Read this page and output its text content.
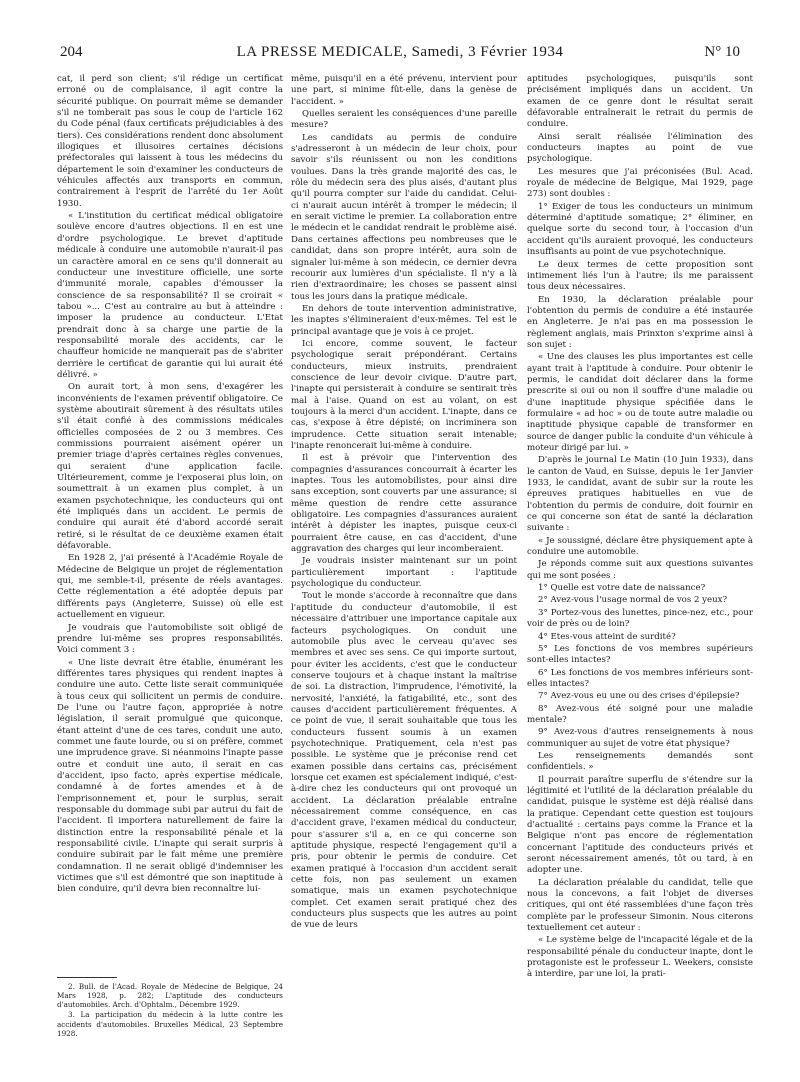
204	LA PRESSE MEDICALE, Samedi, 3 Février 1934	N° 10

cat, il perd son client; s'il rédige un certificat erroné ou de complaisance, il agit contre la sécurité publique. On pourrait même se demander s'il ne tomberait pas sous le coup de l'article 162 du Code pénal (faux certificats préjudiciables à des tiers). Ces considérations rendent donc absolument illogiques et illusoires certaines décisions préfectorales qui laissent à tous les médecins du département le soin d'examiner les conducteurs de véhicules affectés aux transports en commun, contrairement à l'esprit de l'arrêté du 1er Août 1930.

« L'institution du certificat médical obligatoire soulève encore d'autres objections. Il en est une d'ordre psychologique. Le brevet d'aptitude médicale à conduire une automobile n'aurait-il pas un caractère amoral en ce sens qu'il donnerait au conducteur une investiture officielle, une sorte d'immunité morale, capables d'émousser la conscience de sa responsabilité? Il se croirait « tabou »... C'est au contraire au but à atteindre : imposer la prudence au conducteur. L'Etat prendrait donc à sa charge une partie de la responsabilité morale des accidents, car le chauffeur homicide ne manquerait pas de s'abriter derrière le certificat de garantie qui lui aurait été délivré. »

On aurait tort, à mon sens, d'exagérer les inconvénients de l'examen préventif obligatoire. Ce système aboutirait sûrement à des résultats utiles s'il était confié à des commissions médicales officielles composées de 2 ou 3 membres. Ces commissions pourraient aisément opérer un premier triage d'après certaines règles convenues, qui seraient d'une application facile. Ultérieurement, comme je l'exposerai plus loin, on soumettrait à un examen plus complet, à un examen psychotechnique, les conducteurs qui ont été impliqués dans un accident. Le permis de conduire qui aurait été d'abord accordé serait retiré, si le résultat de ce deuxième examen était défavorable.

En 1928 2, j'ai présenté à l'Académie Royale de Médecine de Belgique un projet de réglementation qui, me semble-t-il, présente de réels avantages. Cette réglementation a été adoptée depuis par différents pays (Angleterre, Suisse) où elle est actuellement en vigueur.

Je voudrais que l'automobiliste soit obligé de prendre lui-même ses propres responsabilités. Voici comment 3 :

« Une liste devrait être établie, énumérant les différentes tares physiques qui rendent inaptes à conduire une auto. Cette liste serait communiquée à tous ceux qui sollicitent un permis de conduire. De l'une ou l'autre façon, appropriée à notre législation, il serait promulgué que quiconque, étant atteint d'une de ces tares, conduit une auto, commet une faute lourde, ou si on préfère, commet une imprudence grave. Si néanmoins l'inapte passe outre et conduit une auto, il serait en cas d'accident, ipso facto, après expertise médicale, condamné à de fortes amendes et à de l'emprisonnement et, pour le surplus, serait responsable du dommage subi par autrui du fait de l'accident. Il importera naturellement de faire la distinction entre la responsabilité pénale et la responsabilité civile. L'inapte qui serait surpris à conduire subirait par le fait même une première condamnation. Il ne serait obligé d'indemniser les victimes que s'il est démontré que son inaptitude à bien conduire, qu'il devra bien reconnaître lui-

2. Bull. de l'Acad. Royale de Médecine de Belgique, 24 Mars 1928, p. 282; L'aptitude des conducteurs d'automobiles. Arch. d'Ophtalm., Décembre 1929.

3. La participation du médecin à la lutte contre les accidents d'automobiles. Bruxelles Médical, 23 Septembre 1928.

même, puisqu'il en a été prévenu, intervient pour une part, si minime fût-elle, dans la genèse de l'accident. »

Quelles seraient les conséquences d'une pareille mesure?

Les candidats au permis de conduire s'adresseront à un médecin de leur choix, pour savoir s'ils réunissent ou non les conditions voulues. Dans la très grande majorité des cas, le rôle du médecin sera des plus aisés, d'autant plus qu'il pourra compter sur l'aide du candidat. Celui-ci n'aurait aucun intérêt à tromper le médecin; il en serait victime le premier. La collaboration entre le médecin et le candidat rendrait le problème aisé. Dans certaines affections peu nombreuses que le candidat, dans son propre intérêt, aura soin de signaler lui-même à son médecin, ce dernier devra recourir aux lumières d'un spécialiste. Il n'y a là rien d'extraordinaire; les choses se passent ainsi tous les jours dans la pratique médicale.

En dehors de toute intervention administrative, les inaptes s'élimineraient d'eux-mêmes. Tel est le principal avantage que je vois à ce projet.

Ici encore, comme souvent, le facteur psychologique serait prépondérant. Certains conducteurs, mieux instruits, prendraient conscience de leur devoir civique. D'autre part, l'inapte qui persisterait à conduire se sentirait très mal à l'aise. Quand on est au volant, on est toujours à la merci d'un accident. L'inapte, dans ce cas, s'expose à être dépisté; on incriminera son imprudence. Cette situation serait intenable; l'inapte renoncerait lui-même à conduire.

Il est à prévoir que l'intervention des compagnies d'assurances concourrait à écarter les inaptes. Tous les automobilistes, pour ainsi dire sans exception, sont couverts par une assurance; si même question de rendre cette assurance obligatoire. Les compagnies d'assurances auraient intérêt à dépister les inaptes, puisque ceux-ci pourraient être cause, en cas d'accident, d'une aggravation des charges qui leur incomberaient.

Je voudrais insister maintenant sur un point particulièrement important : l'aptitude psychologique du conducteur.

Tout le monde s'accorde à reconnaître que dans l'aptitude du conducteur d'automobile, il est nécessaire d'attribuer une importance capitale aux facteurs psychologiques. On conduit une automobile plus avec le cerveau qu'avec ses membres et avec ses sens. Ce qui importe surtout, pour éviter les accidents, c'est que le conducteur conserve toujours et à chaque instant la maîtrise de soi. La distraction, l'imprudence, l'émotivité, la nervosité, l'anxiété, la fatigabilité, etc., sont des causes d'accident particulièrement fréquentes. A ce point de vue, il serait souhaitable que tous les conducteurs fussent soumis à un examen psychotechnique. Pratiquement, cela n'est pas possible. Le système que je préconise rend cet examen possible dans certains cas, précisément lorsque cet examen est spécialement indiqué, c'est-à-dire chez les conducteurs qui ont provoqué un accident. La déclaration préalable entraîne nécessairement comme conséquence, en cas d'accident grave, l'examen médical du conducteur, pour s'assurer s'il a, en ce qui concerne son aptitude physique, respecté l'engagement qu'il a pris, pour obtenir le permis de conduire. Cet examen pratiqué à l'occasion d'un accident serait cette fois, non pas seulement un examen somatique, mais un examen psychotechnique complet. Cet examen serait pratiqué chez des conducteurs plus suspects que les autres au point de vue de leurs

aptitudes psychologiques, puisqu'ils sont précisément impliqués dans un accident. Un examen de ce genre dont le résultat serait défavorable entraînerait le retrait du permis de conduire.

Ainsi serait réalisée l'élimination des conducteurs inaptes au point de vue psychologique.

Les mesures que j'ai préconisées (Bul. Acad. royale de médecine de Belgique, Mai 1929, page 273) sont doubles :

1° Exiger de tous les conducteurs un minimum déterminé d'aptitude somatique; 2° éliminer, en quelque sorte du second tour, à l'occasion d'un accident qu'ils auraient provoqué, les conducteurs insuffisants au point de vue psychotechnique.

Le deux termes de cette proposition sont intimement liés l'un à l'autre; ils me paraissent tous deux nécessaires.

En 1930, la déclaration préalable pour l'obtention du permis de conduire a été instaurée en Angleterre. Je n'ai pas en ma possession le règlement anglais, mais Prinxton s'exprime ainsi à son sujet :

« Une des clauses les plus importantes est celle ayant trait à l'aptitude à conduire. Pour obtenir le permis, le candidat doit déclarer dans la forme prescrite si oui ou non il souffre d'une maladie ou d'une inaptitude physique spécifiée dans le formulaire « ad hoc » ou de toute autre maladie ou inaptitude physique capable de transformer en source de danger public la conduite d'un véhicule à moteur dirigé par lui. »

D'après le journal Le Matin (10 Juin 1933), dans le canton de Vaud, en Suisse, depuis le 1er Janvier 1933, le candidat, avant de subir sur la route les épreuves pratiques habituelles en vue de l'obtention du permis de conduire, doit fournir en ce qui concerne son état de santé la déclaration suivante :

« Je soussigné, déclare être physiquement apte à conduire une automobile.

Je réponds comme suit aux questions suivantes qui me sont posées :

1° Quelle est votre date de naissance?

2° Avez-vous l'usage normal de vos 2 yeux?

3° Portez-vous des lunettes, pince-nez, etc., pour voir de près ou de loin?

4° Etes-vous atteint de surdité?

5° Les fonctions de vos membres supérieurs sont-elles intactes?

6° Les fonctions de vos membres inférieurs sont-elles intactes?

7° Avez-vous eu une ou des crises d'épilepsie?

8° Avez-vous été soigné pour une maladie mentale?

9° Avez-vous d'autres renseignements à nous communiquer au sujet de votre état physique?

Les renseignements demandés sont confidentiels. »

Il pourrait paraître superflu de s'étendre sur la légitimité et l'utilité de la déclaration préalable du candidat, puisque le système est déjà réalisé dans la pratique. Cependant cette question est toujours d'actualité : certains pays comme la France et la Belgique n'ont pas encore de réglementation concernant l'aptitude des conducteurs privés et seront nécessairement amenés, tôt ou tard, à en adopter une.

La déclaration préalable du candidat, telle que nous la concevons, a fait l'objet de diverses critiques, qui ont été rassemblées d'une façon très complète par le professeur Simonin. Nous citerons textuellement cet auteur :

« Le système belge de l'incapacité légale et de la responsabilité pénale du conducteur inapte, dont le protagoniste est le professeur L. Weekers, consiste à interdire, par une loi, la prati-
